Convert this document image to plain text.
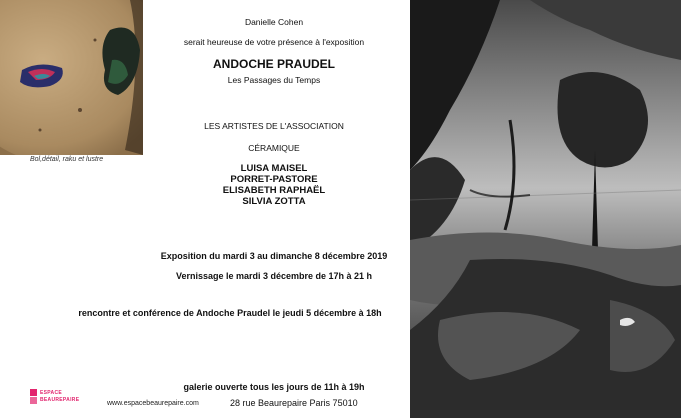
Bol,détail, raku et lustre
Danielle Cohen
serait heureuse de votre présence à l'exposition
ANDOCHE PRAUDEL
Les Passages du Temps
LES ARTISTES DE L'ASSOCIATION
CÉRAMIQUE
LUISA MAISEL
PORRET-PASTORE
ELISABETH RAPHAËL
SILVIA ZOTTA
Exposition du mardi 3 au dimanche 8 décembre 2019
Vernissage le mardi 3 décembre de 17h à 21 h
rencontre et conférence de Andoche Praudel le jeudi 5 décembre à 18h
galerie ouverte tous les jours de 11h à 19h
ESPACE
BEAUREPAIRE	www.espacebeaurepaire.com	28 rue Beaurepaire Paris 75010
